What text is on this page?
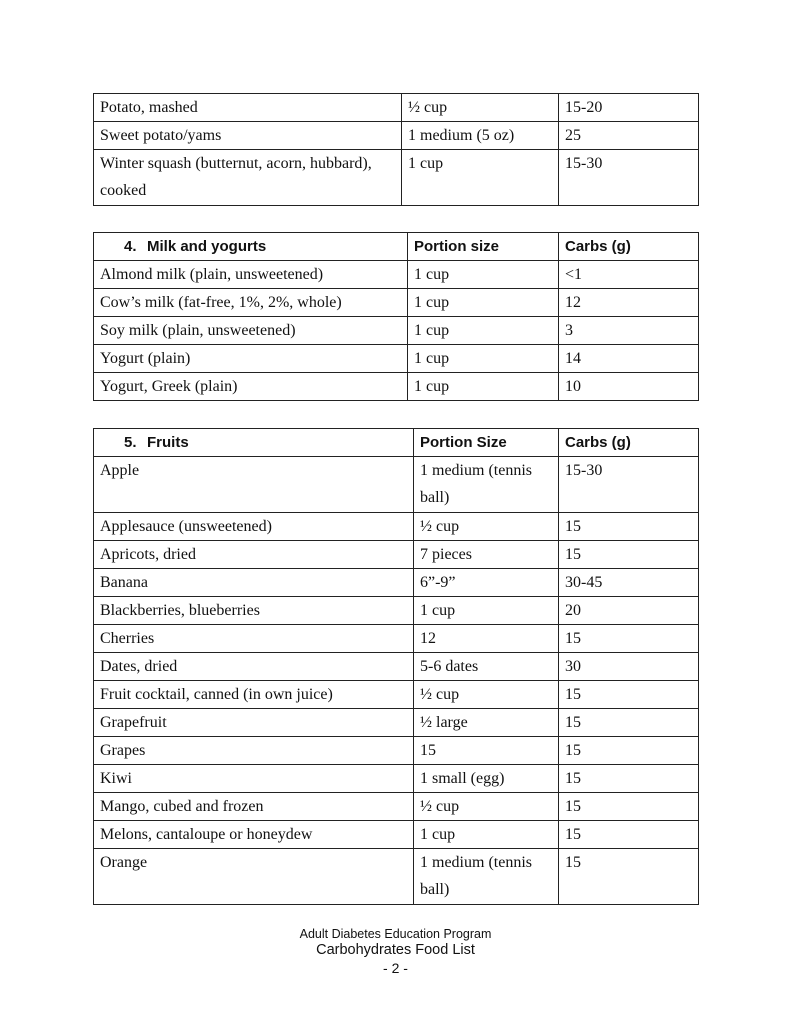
Potato, mashed	½ cup	15-20
Sweet potato/yams	1 medium (5 oz)	25
Winter squash (butternut, acorn, hubbard), cooked	1 cup	15-30
4. Milk and yogurts	Portion size	Carbs (g)
Almond milk (plain, unsweetened)	1 cup	<1
Cow’s milk (fat-free, 1%, 2%, whole)	1 cup	12
Soy milk (plain, unsweetened)	1 cup	3
Yogurt (plain)	1 cup	14
Yogurt, Greek (plain)	1 cup	10
5. Fruits	Portion Size	Carbs (g)
Apple	1 medium (tennis ball)	15-30
Applesauce (unsweetened)	½ cup	15
Apricots, dried	7 pieces	15
Banana	6”-9”	30-45
Blackberries, blueberries	1 cup	20
Cherries	12	15
Dates, dried	5-6 dates	30
Fruit cocktail, canned (in own juice)	½ cup	15
Grapefruit	½ large	15
Grapes	15	15
Kiwi	1 small (egg)	15
Mango, cubed and frozen	½ cup	15
Melons, cantaloupe or honeydew	1 cup	15
Orange	1 medium (tennis ball)	15
Adult Diabetes Education Program
Carbohydrates Food List
- 2 -
